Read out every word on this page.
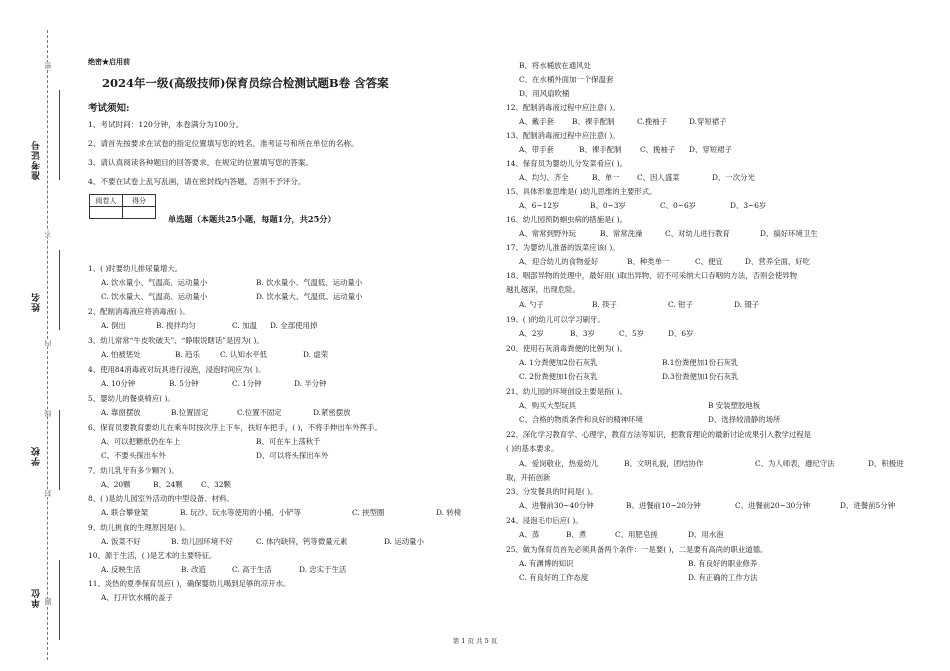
准考证号
姓名
学校
单位
密
不
内
线
封
题
绝密★启用前
2024年一级(高级技师)保育员综合检测试题B卷 含答案
考试须知:
1、考试时间：120分钟，本卷满分为100分。
2、请首先按要求在试卷的指定位置填写您的姓名、准考证号和所在单位的名称。
3、请认真阅读各种题目的回答要求，在规定的位置填写您的答案。
4、不要在试卷上乱写乱画，请在密封线内答题，否则不予评分。
阅卷人	得分

单选题（本题共25小题，每题1分，共25分）
1、( )时要幼儿排尿量增大。
A. 饮水量小、气温高、运动量小	B. 饮水量小、气温低、运动量小
C. 饮水量大、气温高、运动量小	D. 饮水量大、气温低、运动量小
2、配制消毒液应将消毒液( )。
A. 倒出	B. 搅拌均匀	C. 加温 D. 全部使用掉
3、幼儿常常“牛皮吹破天”、“睁眼说瞎话”是因为( )。
A. 怕被惩处	B. 趋乐	C. 认知水平低	D. 虚荣
4、使用84消毒液对玩具进行浸泡，浸泡时间应为( )。
A. 10分钟	B. 5分钟	C. 1分钟	D. 半分钟
5、婴幼儿的餐桌椅应( )。
A. 靠窗摆放	B.位置固定	C.位置不固定	D.紧密摆放
6、保育员要教育要幼儿在乘车时按次序上下车，扶好车把手，( )，不将手伸出车外挥手。
A、可以把糖纸仍在车上	B、可在车上荡秋千
C、不要头探出车外	D、可以将头探出车外
7、幼儿乳牙有多少颗?( )。
A、20颗	B、24颗 C、32颗
8、( )是幼儿园室外活动的中型设备、材料。
A. 联合攀登架	B. 玩沙、玩水等使用的小桶、小铲等	C. 挟型圈	D. 转椅
9、幼儿挑食的生理原因是( )。
A. 饭菜不好	B. 幼儿园环境不好	C. 体内缺锌，钙等微量元素	D. 运动量小
10、源于生活，( )是艺术的主要特征。
A. 反映生活	B. 改造	C. 高于生活	D. 忠实于生活
11、炎热的夏季保育员应( )，确保婴幼儿喝到足够的凉开水。
A、打开饮水桶的盖子
B、将水桶放在通风处
C、在水桶外面加一个保温套
D、用风扇吹桶
12、配制消毒液过程中应注意( )。
A、戴手套 B、裸手配制	C.挽袖子	D.穿短裙子
13、配制消毒液过程中应注意( )。
A、带手套	B、裸手配制	C、挽袖子 D、穿短裙子
14、保育员为婴幼儿分发菜肴应( )。
A、均匀、齐全	B、单一 C、因人盛菜	D、一次分光
15、具体形象思维是( )幼儿思维的主要形式。
A、6~12岁	B、0~3岁	C、0~6岁	D、3~6岁
16、幼儿园预防蛔虫病的措施是( )。
A、常常到野外玩	B、常常洗澡	C、对幼儿进行教育	D、搞好环境卫生
17、为婴幼儿准备的饭菜应该( )。
A、迎合幼儿的食物爱好	B、种类单一	C、便宜	D、营养全面，好吃
18、咽部异物的处理中，最好用( )取出异物，切不可采纳大口吞咽的方法，否则会使异物
越扎越深，出现危险。
A. 勺子	B. 筷子	C. 钳子	D. 镊子
19、( )的幼儿可以学习刷牙。
A、2岁	B、3岁	C、5岁	D、6岁
20、使用石灰消毒粪便的比例为( )。
A. 1分粪便加2份石灰乳	B.1份粪便加1份石灰乳
C. 2份粪便加1份石灰乳	D.3份粪便加1份石灰乳
21、幼儿园的环境创设主要是指( )。
A、购买大型玩具	B 安装塑胶地板
C、合格的物质条件和良好的精神环境	D、选择较清静的场所
22、深化学习教育学、心理学，教育方法等知识，把教育理论的最新讨论成果引入教学过程是
( )的基本要求。
A、爱岗敬业，热爱幼儿	B、文明礼貌，团结协作	C、为人师表，遵纪守法	D、积极进
取，开拓创新
23、分发餐具的时间是( )。
A、进餐前30~40分钟	B、进餐前10~20分钟	C、进餐前20~30分钟	D、进餐前5分钟
24、浸泡毛巾后应( )。
A、蒸	B、煮	C、用肥皂搓	D、用水泡
25、做为保育员首先必须具备两个条件：一是要( )，二是要有高尚的职业道德。
A. 有渊博的知识	B. 有良好的职业修养
C. 有良好的工作态度	D. 有正确的工作方法
第 1 页 共 5 页
